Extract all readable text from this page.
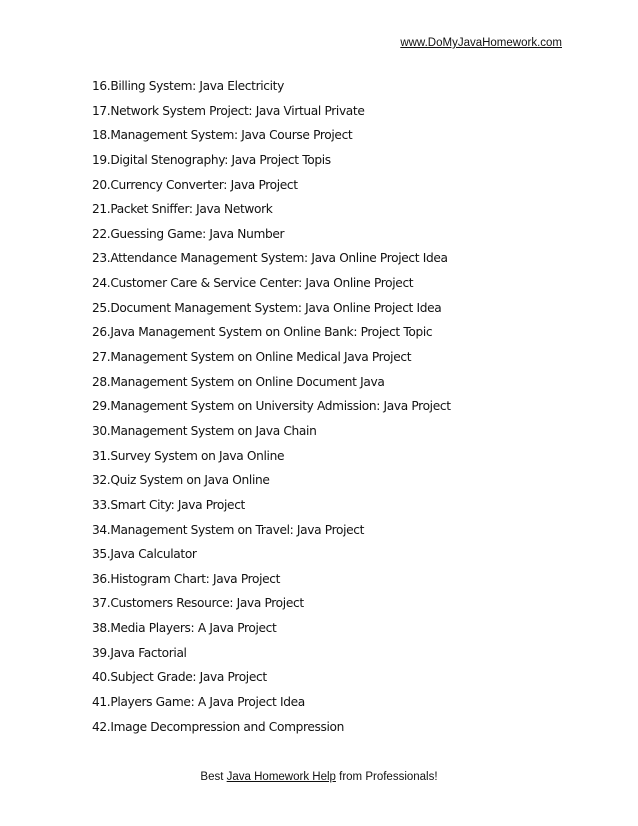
www.DoMyJavaHomework.com
16.Billing System: Java Electricity
17.Network System Project: Java Virtual Private
18.Management System: Java Course Project
19.Digital Stenography: Java Project Topis
20.Currency Converter: Java Project
21.Packet Sniffer: Java Network
22.Guessing Game: Java Number
23.Attendance Management System: Java Online Project Idea
24.Customer Care & Service Center: Java Online Project
25.Document Management System: Java Online Project Idea
26.Java Management System on Online Bank: Project Topic
27.Management System on Online Medical Java Project
28.Management System on Online Document Java
29.Management System on University Admission: Java Project
30.Management System on Java Chain
31.Survey System on Java Online
32.Quiz System on Java Online
33.Smart City: Java Project
34.Management System on Travel: Java Project
35.Java Calculator
36.Histogram Chart: Java Project
37.Customers Resource: Java Project
38.Media Players: A Java Project
39.Java Factorial
40.Subject Grade: Java Project
41.Players Game: A Java Project Idea
42.Image Decompression and Compression
Best Java Homework Help from Professionals!
